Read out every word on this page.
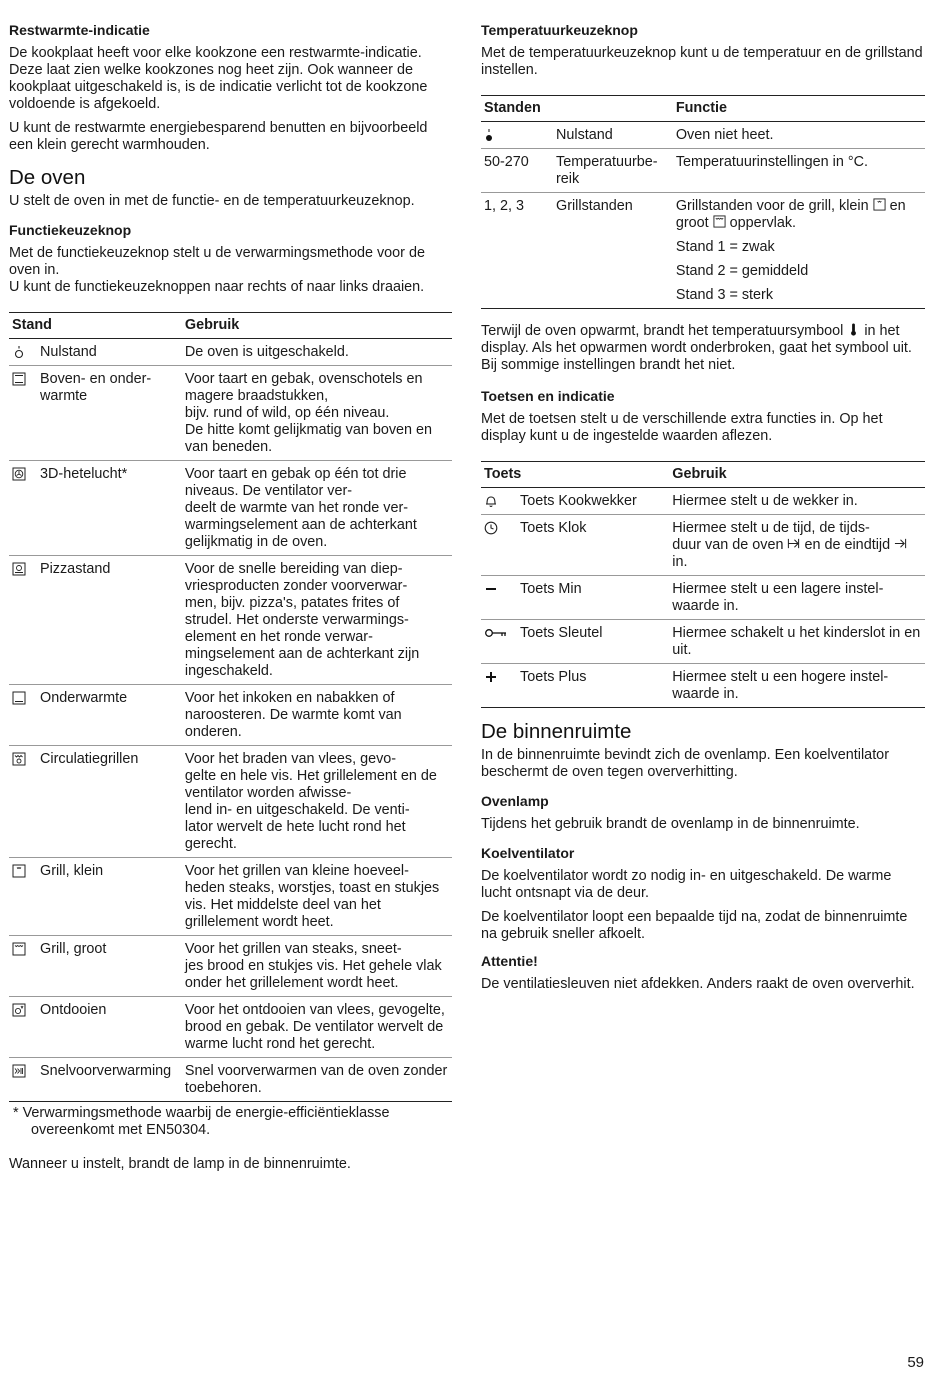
Restwarmte-indicatie
De kookplaat heeft voor elke kookzone een restwarmte-indicatie. Deze laat zien welke kookzones nog heet zijn. Ook wanneer de kookplaat uitgeschakeld is, is de indicatie verlicht tot de kookzone voldoende is afgekoeld.
U kunt de restwarmte energiebesparend benutten en bijvoorbeeld een klein gerecht warmhouden.
De oven
U stelt de oven in met de functie- en de temperatuurkeuzeknop.
Functiekeuzeknop
Met de functiekeuzeknop stelt u de verwarmingsmethode voor de oven in.
U kunt de functiekeuzeknoppen naar rechts of naar links draaien.
Stand		Gebruik

	Nulstand	De oven is uitgeschakeld.

	Boven- en onder-
warmte	Voor taart en gebak, ovenschotels en magere braadstukken,
bijv. rund of wild, op één niveau.
De hitte komt gelijkmatig van boven en van beneden.

	3D-hetelucht*	Voor taart en gebak op één tot drie niveaus. De ventilator ver-
deelt de warmte van het ronde ver-
warmingselement aan de achterkant gelijkmatig in de oven.

	Pizzastand	Voor de snelle bereiding van diep-
vriesproducten zonder voorverwar-
men, bijv. pizza's, patates frites of strudel. Het onderste verwarmings-
element en het ronde verwar-
mingselement aan de achterkant zijn ingeschakeld.

	Onderwarmte	Voor het inkoken en nabakken of naroosteren. De warmte komt van onderen.

	Circulatiegrillen	Voor het braden van vlees, gevo-
gelte en hele vis. Het grillelement en de ventilator worden afwisse-
lend in- en uitgeschakeld. De venti-
lator wervelt de hete lucht rond het gerecht.

	Grill, klein	Voor het grillen van kleine hoeveel-
heden steaks, worstjes, toast en stukjes vis. Het middelste deel van het grillelement wordt heet.

	Grill, groot	Voor het grillen van steaks, sneet-
jes brood en stukjes vis. Het gehele vlak onder het grillelement wordt heet.

	Ontdooien	Voor het ontdooien van vlees, gevogelte, brood en gebak. De ventilator wervelt de warme lucht rond het gerecht.

	Snelvoorverwarming	Snel voorverwarmen van de oven zonder toebehoren.
* Verwarmingsmethode waarbij de energie-efficiëntieklasse overeenkomt met EN50304.
Wanneer u instelt, brandt de lamp in de binnenruimte.
Temperatuurkeuzeknop
Met de temperatuurkeuzeknop kunt u de temperatuur en de grillstand instellen.
Standen		Functie

	Nulstand	Oven niet heet.
50-270	Temperatuurbe-
reik	Temperatuurinstellingen in °C.
1, 2, 3	Grillstanden	Grillstanden voor de grill, klein en groot oppervlak.
Stand 1 = zwak
Stand 2 = gemiddeld
Stand 3 = sterk
Terwijl de oven opwarmt, brandt het temperatuursymbool in het display. Als het opwarmen wordt onderbroken, gaat het symbool uit. Bij sommige instellingen brandt het niet.
Toetsen en indicatie
Met de toetsen stelt u de verschillende extra functies in. Op het display kunt u de ingestelde waarden aflezen.
Toets		Gebruik

	Toets Kookwekker	Hiermee stelt u de wekker in.

	Toets Klok	Hiermee stelt u de tijd, de tijds-
duur van de oven en de eindtijd  in.

	Toets Min	Hiermee stelt u een lagere instel-
waarde in.

	Toets Sleutel	Hiermee schakelt u het kinderslot in en uit.

	Toets Plus	Hiermee stelt u een hogere instel-
waarde in.
De binnenruimte
In de binnenruimte bevindt zich de ovenlamp. Een koelventilator beschermt de oven tegen oververhitting.
Ovenlamp
Tijdens het gebruik brandt de ovenlamp in de binnenruimte.
Koelventilator
De koelventilator wordt zo nodig in- en uitgeschakeld. De warme lucht ontsnapt via de deur.
De koelventilator loopt een bepaalde tijd na, zodat de binnenruimte na gebruik sneller afkoelt.
Attentie!
De ventilatiesleuven niet afdekken. Anders raakt de oven oververhit.
59
